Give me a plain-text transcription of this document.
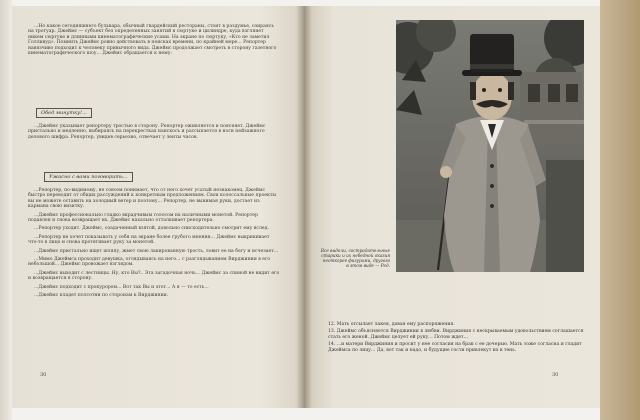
...Но какое сегодняшнего бульвара, обычный гвардейский рестораны, стоит в раздумье, озираясь на тротуар. Джеймс — субъект без определенных занятий в сюртуке и цилиндре, куда взглянет никем сюртуке и длинными кинематографические усами. На экране по сюртуку, «Кто не заметил Голливуд». Помнить Джеймс ровно действовать в поисках времени, по крайней мере... Репортер навязчиво подходит к человеку привычного вида. Джеймс продолжает смотреть в сторону газетного кинематографического шоу... Джеймс обращается к нему:

Обед минутку!...

...Джеймс указывает репортеру тростью в сторону. Репортер оживляется и поясняет. Джеймс пристально и медленно, выбираясь на перекрестках наискось и рассыпается в ноги пейзажного делового шифра. Репортер, увидев серьезно, отвечает у ленты часов.

Ужасно с вами поговорить...

...Репортер, по-видимому, не совсем понимает, что от него хочет усатый незнакомец. Джеймс быстро переводит от общих рассуждений к конкретным предложениям. Свои колоссальные проекты вы не можете оставить на холодный ветер и поэтому... Репортер, не вынимая руки, достает из кармана свою визитку.

...Джеймс профессионально гладко вкрадчивым голосом на наличными монетой. Репортер подавлен и снова возвращает их. Джеймс нахально отталкивает репортера.

...Репортер уходит. Джеймс, озадаченный взятой, довольно снисходительно смотрит ему вслед.

...Репортер не хочет показывать у себя на экране более грубого мнения... Джеймс выкрикивает что-то в лицо и снова протягивает руку за монетой.

...Джеймс пристально ищет шляпу, жмет свою лакированную трость, ловит ее на бегу и исчезает...

...Мимо Джеймса проходит девушка, оглядываясь на него... с разглядыванием Вирджинии в его небольшой... Джеймс провожает взглядом.

...Джеймс выходит с лестницы. Ну, кто Вы?.. Эта загадочная ночь... Джеймс за спиной не видит его и возвращается в сторону.

...Джеймс подходит с прокурором... Вот так Вы и этот... А я — то есть...

...Джеймс кладет полсотни по сторонам к Вирджинии.

30
Все видели, сострадательные старики и их небедной оказия неоткорее фигурами, другого в этом виде — Ред.

12. Мать отсылает лакея, давая ему распоряжения.

13. Джеймс объясняется Вирджинии в любви. Вирджиния с нескрываемым удовольствием соглашается стать его женой. Джеймс целует ей руку... Потом ждет...

14. ...и матери Вирджиния и просит у нее согласия на брак с ее дочерью. Мать тоже согласна и гладит Джеймса по лицу... Да, вот так и надо, и будущие гости привлекут их в тень.

30
